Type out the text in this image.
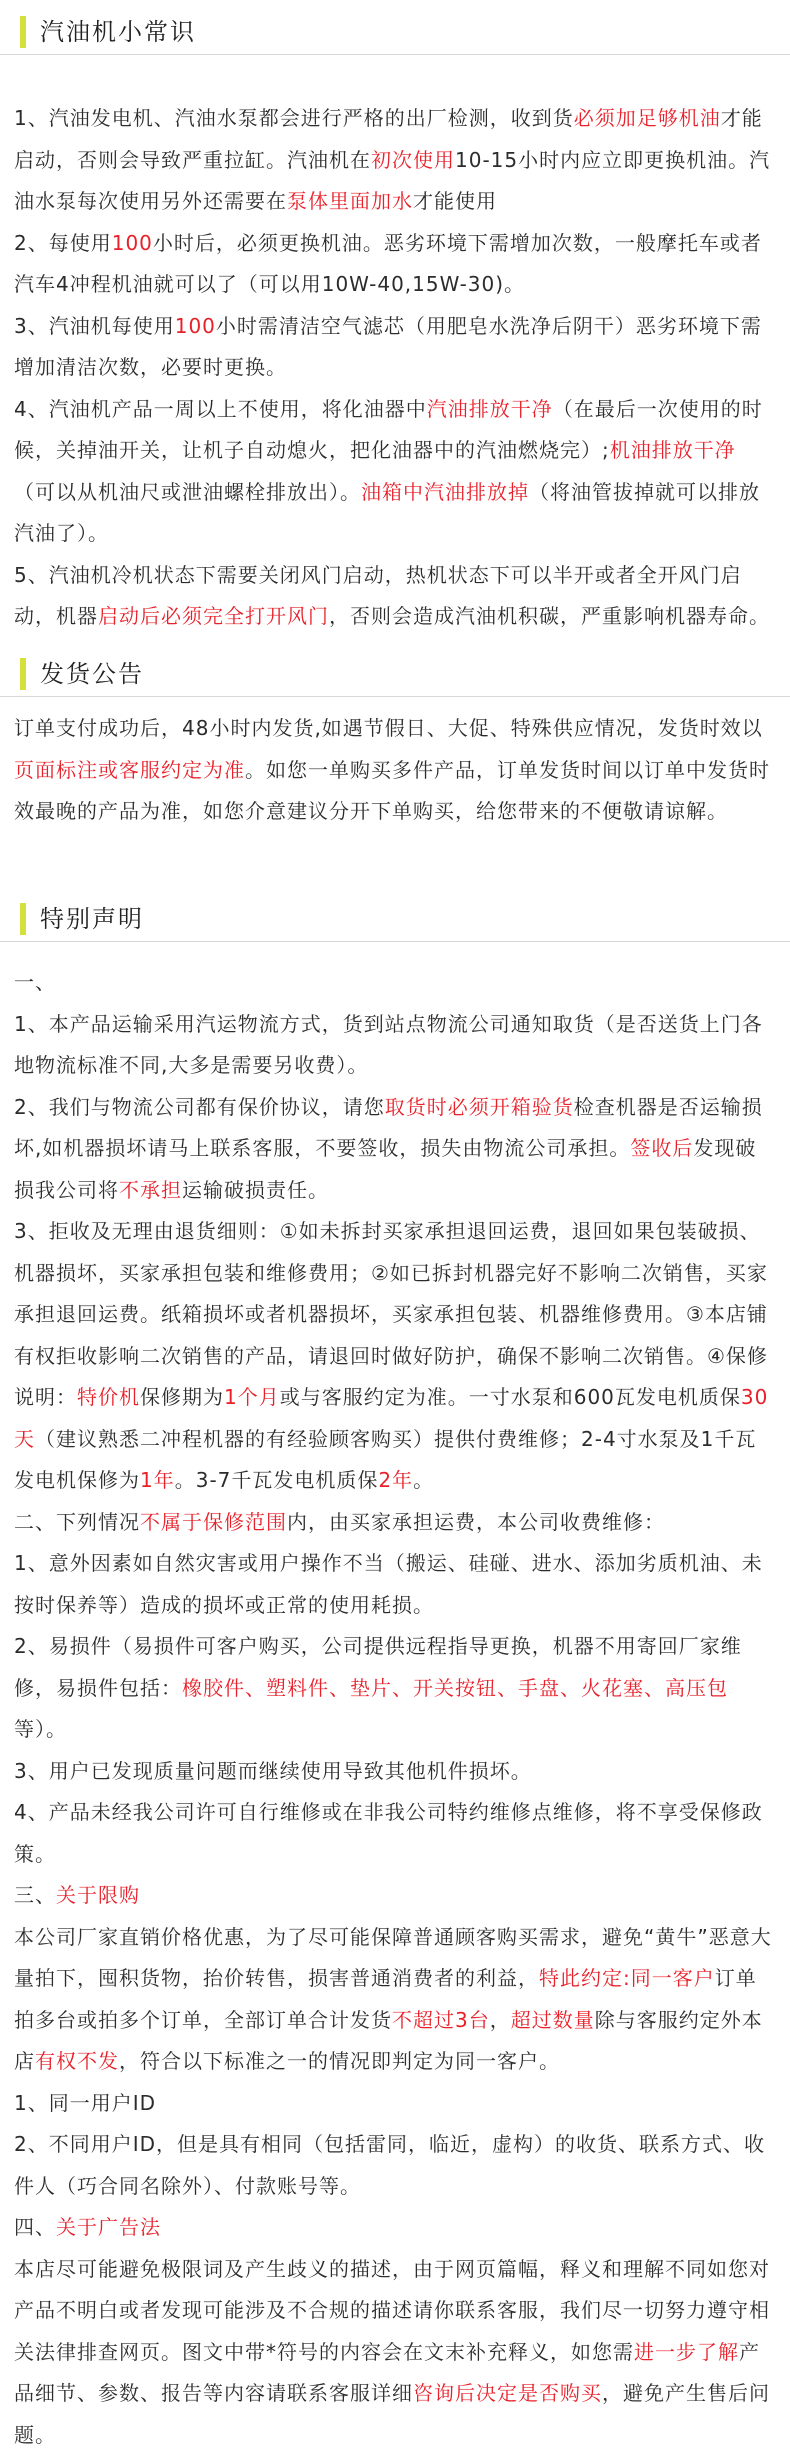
汽油机小常识
1、汽油发电机、汽油水泵都会进行严格的出厂检测，收到货必须加足够机油才能启动，否则会导致严重拉缸。汽油机在初次使用10-15小时内应立即更换机油。汽油水泵每次使用另外还需要在泵体里面加水才能使用
2、每使用100小时后，必须更换机油。恶劣环境下需增加次数，一般摩托车或者汽车4冲程机油就可以了（可以用10W-40,15W-30)。
3、汽油机每使用100小时需清洁空气滤芯（用肥皂水洗净后阴干）恶劣环境下需增加清洁次数，必要时更换。
4、汽油机产品一周以上不使用，将化油器中汽油排放干净（在最后一次使用的时候，关掉油开关，让机子自动熄火，把化油器中的汽油燃烧完）;机油排放干净（可以从机油尺或泄油螺栓排放出）。油箱中汽油排放掉（将油管拔掉就可以排放汽油了）。
5、汽油机冷机状态下需要关闭风门启动，热机状态下可以半开或者全开风门启动，机器启动后必须完全打开风门，否则会造成汽油机积碳，严重影响机器寿命。
发货公告
订单支付成功后，48小时内发货,如遇节假日、大促、特殊供应情况，发货时效以页面标注或客服约定为准。如您一单购买多件产品，订单发货时间以订单中发货时效最晚的产品为准，如您介意建议分开下单购买，给您带来的不便敬请谅解。
特别声明
一、
1、本产品运输采用汽运物流方式，货到站点物流公司通知取货（是否送货上门各地物流标准不同,大多是需要另收费）。
2、我们与物流公司都有保价协议，请您取货时必须开箱验货检查机器是否运输损坏,如机器损坏请马上联系客服，不要签收，损失由物流公司承担。签收后发现破损我公司将不承担运输破损责任。
3、拒收及无理由退货细则：①如未拆封买家承担退回运费，退回如果包装破损、机器损坏，买家承担包装和维修费用；②如已拆封机器完好不影响二次销售，买家承担退回运费。纸箱损坏或者机器损坏，买家承担包装、机器维修费用。③本店铺有权拒收影响二次销售的产品，请退回时做好防护，确保不影响二次销售。④保修说明：特价机保修期为1个月或与客服约定为准。一寸水泵和600瓦发电机质保30天（建议熟悉二冲程机器的有经验顾客购买）提供付费维修；2-4寸水泵及1千瓦发电机保修为1年。3-7千瓦发电机质保2年。
二、下列情况不属于保修范围内，由买家承担运费，本公司收费维修：
1、意外因素如自然灾害或用户操作不当（搬运、硅碰、进水、添加劣质机油、未按时保养等）造成的损坏或正常的使用耗损。
2、易损件（易损件可客户购买，公司提供远程指导更换，机器不用寄回厂家维修，易损件包括：橡胶件、塑料件、垫片、开关按钮、手盘、火花塞、高压包等）。
3、用户已发现质量问题而继续使用导致其他机件损坏。
4、产品未经我公司许可自行维修或在非我公司特约维修点维修，将不享受保修政策。
三、关于限购
本公司厂家直销价格优惠，为了尽可能保障普通顾客购买需求，避免“黄牛”恶意大量拍下，囤积货物，抬价转售，损害普通消费者的利益，特此约定:同一客户订单拍多台或拍多个订单，全部订单合计发货不超过3台，超过数量除与客服约定外本店有权不发，符合以下标准之一的情况即判定为同一客户。
1、同一用户ID
2、不同用户ID，但是具有相同（包括雷同，临近，虚构）的收货、联系方式、收件人（巧合同名除外）、付款账号等。
四、关于广告法
本店尽可能避免极限词及产生歧义的描述，由于网页篇幅，释义和理解不同如您对产品不明白或者发现可能涉及不合规的描述请你联系客服，我们尽一切努力遵守相关法律排查网页。图文中带*符号的内容会在文末补充释义，如您需进一步了解产品细节、参数、报告等内容请联系客服详细咨询后决定是否购买，避免产生售后问题。
